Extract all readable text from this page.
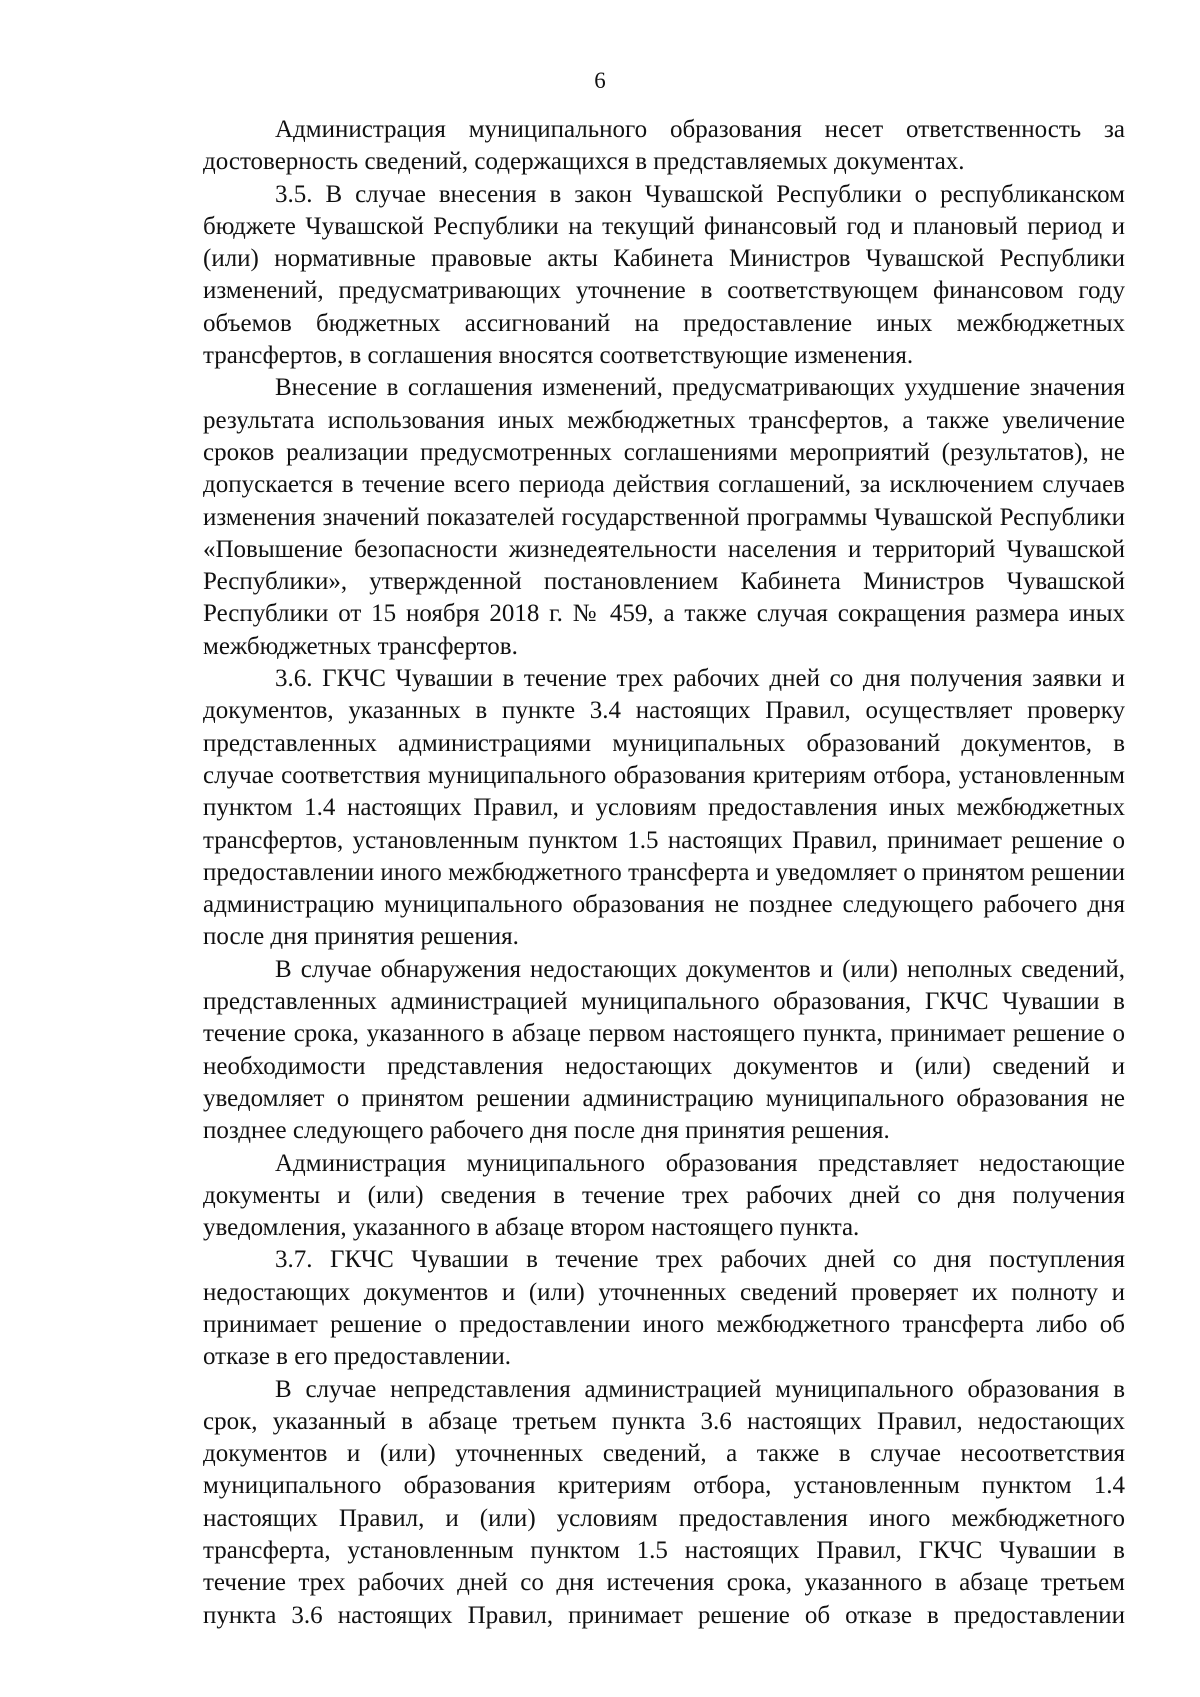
6

Администрация муниципального образования несет ответственность за достоверность сведений, содержащихся в представляемых документах.

3.5. В случае внесения в закон Чувашской Республики о республиканском бюджете Чувашской Республики на текущий финансовый год и плановый период и (или) нормативные правовые акты Кабинета Министров Чувашской Республики изменений, предусматривающих уточнение в соответствующем финансовом году объемов бюджетных ассигнований на предоставление иных межбюджетных трансфертов, в соглашения вносятся соответствующие изменения.

Внесение в соглашения изменений, предусматривающих ухудшение значения результата использования иных межбюджетных трансфертов, а также увеличение сроков реализации предусмотренных соглашениями мероприятий (результатов), не допускается в течение всего периода действия соглашений, за исключением случаев изменения значений показателей государственной программы Чувашской Республики «Повышение безопасности жизнедеятельности населения и территорий Чувашской Республики», утвержденной постановлением Кабинета Министров Чувашской Республики от 15 ноября 2018 г. № 459, а также случая сокращения размера иных межбюджетных трансфертов.

3.6. ГКЧС Чувашии в течение трех рабочих дней со дня получения заявки и документов, указанных в пункте 3.4 настоящих Правил, осуществляет проверку представленных администрациями муниципальных образований документов, в случае соответствия муниципального образования критериям отбора, установленным пунктом 1.4 настоящих Правил, и условиям предоставления иных межбюджетных трансфертов, установленным пунктом 1.5 настоящих Правил, принимает решение о предоставлении иного межбюджетного трансферта и уведомляет о принятом решении администрацию муниципального образования не позднее следующего рабочего дня после дня принятия решения.

В случае обнаружения недостающих документов и (или) неполных сведений, представленных администрацией муниципального образования, ГКЧС Чувашии в течение срока, указанного в абзаце первом настоящего пункта, принимает решение о необходимости представления недостающих документов и (или) сведений и уведомляет о принятом решении администрацию муниципального образования не позднее следующего рабочего дня после дня принятия решения.

Администрация муниципального образования представляет недостающие документы и (или) сведения в течение трех рабочих дней со дня получения уведомления, указанного в абзаце втором настоящего пункта.

3.7. ГКЧС Чувашии в течение трех рабочих дней со дня поступления недостающих документов и (или) уточненных сведений проверяет их полноту и принимает решение о предоставлении иного межбюджетного трансферта либо об отказе в его предоставлении.

В случае непредставления администрацией муниципального образования в срок, указанный в абзаце третьем пункта 3.6 настоящих Правил, недостающих документов и (или) уточненных сведений, а также в случае несоответствия муниципального образования критериям отбора, установленным пунктом 1.4 настоящих Правил, и (или) условиям предоставления иного межбюджетного трансферта, установленным пунктом 1.5 настоящих Правил, ГКЧС Чувашии в течение трех рабочих дней со дня истечения срока, указанного в абзаце третьем пункта 3.6 настоящих Правил, принимает решение об отказе в предоставлении
